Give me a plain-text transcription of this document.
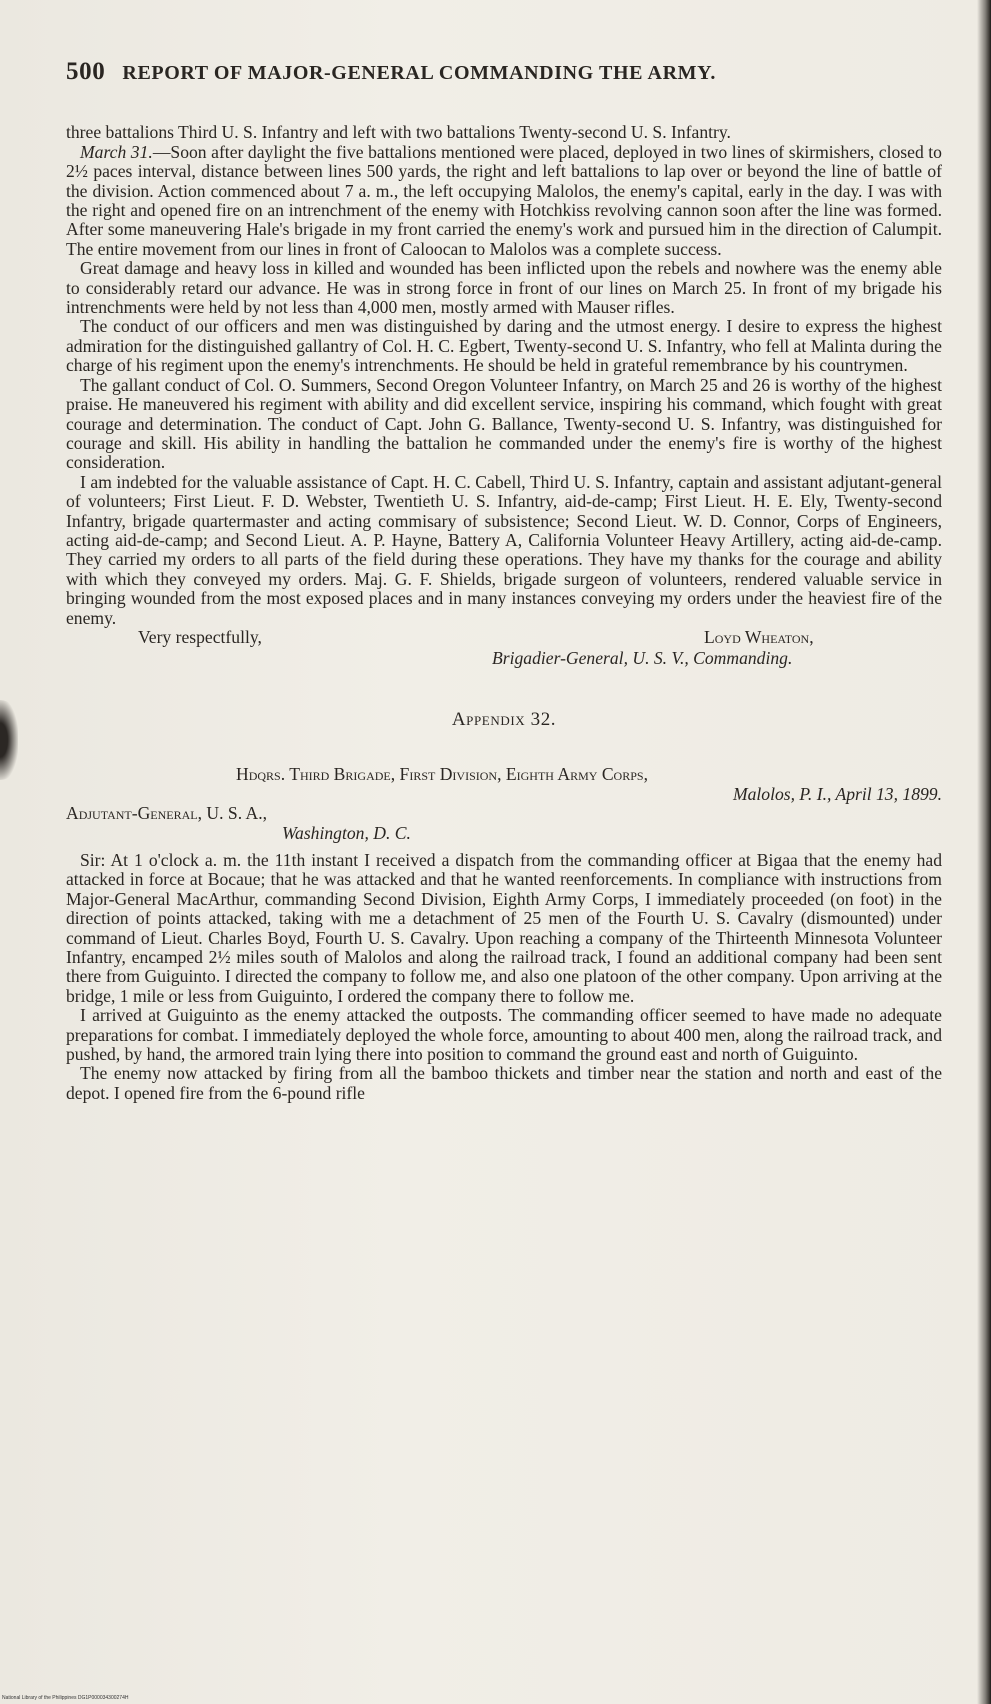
500 REPORT OF MAJOR-GENERAL COMMANDING THE ARMY.

three battalions Third U. S. Infantry and left with two battalions Twenty-second U. S. Infantry.

March 31.—Soon after daylight the five battalions mentioned were placed, deployed in two lines of skirmishers, closed to 2½ paces interval, distance between lines 500 yards, the right and left battalions to lap over or beyond the line of battle of the division. Action commenced about 7 a. m., the left occupying Malolos, the enemy's capital, early in the day. I was with the right and opened fire on an intrenchment of the enemy with Hotchkiss revolving cannon soon after the line was formed. After some maneuvering Hale's brigade in my front carried the enemy's work and pursued him in the direction of Calumpit. The entire movement from our lines in front of Caloocan to Malolos was a complete success.

Great damage and heavy loss in killed and wounded has been inflicted upon the rebels and nowhere was the enemy able to considerably retard our advance. He was in strong force in front of our lines on March 25. In front of my brigade his intrenchments were held by not less than 4,000 men, mostly armed with Mauser rifles.

The conduct of our officers and men was distinguished by daring and the utmost energy. I desire to express the highest admiration for the distinguished gallantry of Col. H. C. Egbert, Twenty-second U. S. Infantry, who fell at Malinta during the charge of his regiment upon the enemy's intrenchments. He should be held in grateful remembrance by his countrymen.

The gallant conduct of Col. O. Summers, Second Oregon Volunteer Infantry, on March 25 and 26 is worthy of the highest praise. He maneuvered his regiment with ability and did excellent service, inspiring his command, which fought with great courage and determination. The conduct of Capt. John G. Ballance, Twenty-second U. S. Infantry, was distinguished for courage and skill. His ability in handling the battalion he commanded under the enemy's fire is worthy of the highest consideration.

I am indebted for the valuable assistance of Capt. H. C. Cabell, Third U. S. Infantry, captain and assistant adjutant-general of volunteers; First Lieut. F. D. Webster, Twentieth U. S. Infantry, aid-de-camp; First Lieut. H. E. Ely, Twenty-second Infantry, brigade quartermaster and acting commisary of subsistence; Second Lieut. W. D. Connor, Corps of Engineers, acting aid-de-camp; and Second Lieut. A. P. Hayne, Battery A, California Volunteer Heavy Artillery, acting aid-de-camp. They carried my orders to all parts of the field during these operations. They have my thanks for the courage and ability with which they conveyed my orders. Maj. G. F. Shields, brigade surgeon of volunteers, rendered valuable service in bringing wounded from the most exposed places and in many instances conveying my orders under the heaviest fire of the enemy.

Very respectfully,	Loyd Wheaton,
Brigadier-General, U. S. V., Commanding.
Appendix 32.
Hdqrs. Third Brigade, First Division, Eighth Army Corps,
Malolos, P. I., April 13, 1899.
Adjutant-General, U. S. A.,
Washington, D. C.

Sir: At 1 o'clock a. m. the 11th instant I received a dispatch from the commanding officer at Bigaa that the enemy had attacked in force at Bocaue; that he was attacked and that he wanted reenforcements. In compliance with instructions from Major-General MacArthur, commanding Second Division, Eighth Army Corps, I immediately proceeded (on foot) in the direction of points attacked, taking with me a detachment of 25 men of the Fourth U. S. Cavalry (dismounted) under command of Lieut. Charles Boyd, Fourth U. S. Cavalry. Upon reaching a company of the Thirteenth Minnesota Volunteer Infantry, encamped 2½ miles south of Malolos and along the railroad track, I found an additional company had been sent there from Guiguinto. I directed the company to follow me, and also one platoon of the other company. Upon arriving at the bridge, 1 mile or less from Guiguinto, I ordered the company there to follow me.

I arrived at Guiguinto as the enemy attacked the outposts. The commanding officer seemed to have made no adequate preparations for combat. I immediately deployed the whole force, amounting to about 400 men, along the railroad track, and pushed, by hand, the armored train lying there into position to command the ground east and north of Guiguinto.

The enemy now attacked by firing from all the bamboo thickets and timber near the station and north and east of the depot. I opened fire from the 6-pound rifle

National Library of the Philippines DG1P000034300274H
